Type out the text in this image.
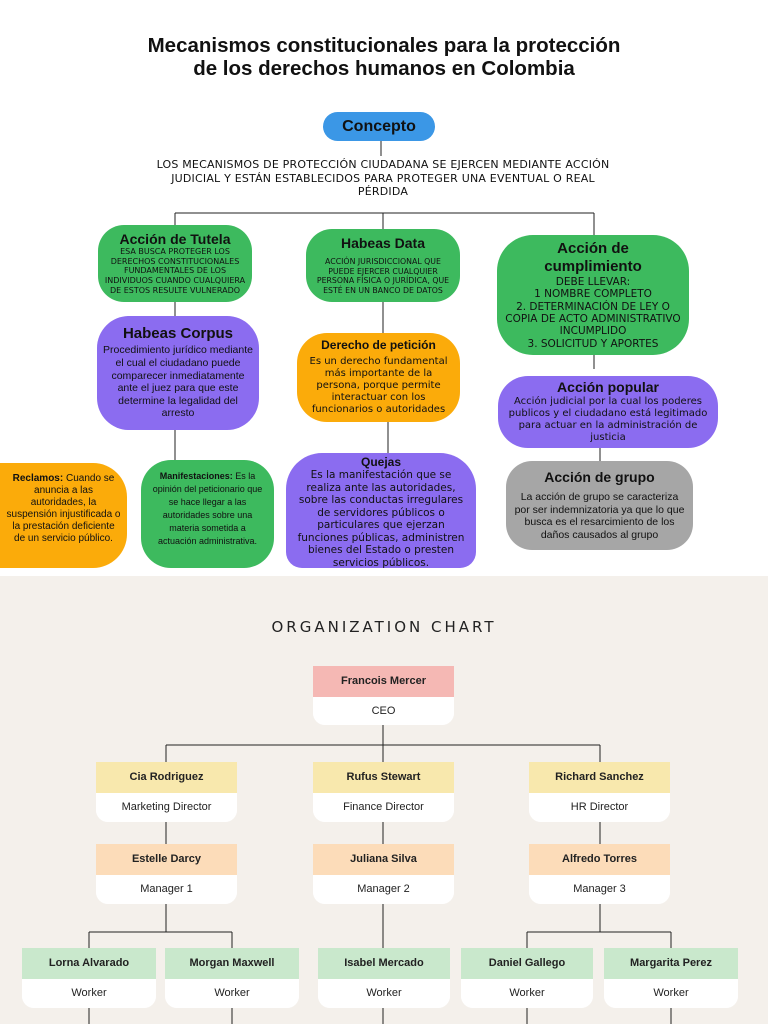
Mecanismos constitucionales para la protección de los derechos humanos en Colombia
Concepto
LOS MECANISMOS DE PROTECCIÓN CIUDADANA SE EJERCEN MEDIANTE ACCIÓN JUDICIAL Y ESTÁN ESTABLECIDOS PARA PROTEGER UNA EVENTUAL O REAL PÉRDIDA
Acción de Tutela
ESA BUSCA PROTEGER LOS DERECHOS CONSTITUCIONALES FUNDAMENTALES DE LOS INDIVIDUOS CUANDO CUALQUIERA DE ESTOS RESULTE VULNERADO
Habeas Data
ACCIÓN JURISDICCIONAL QUE PUEDE EJERCER CUALQUIER PERSONA FÍSICA O JURÍDICA, QUE ESTÉ EN UN BANCO DE DATOS
Acción de cumplimiento
DEBE LLEVAR:
1 NOMBRE COMPLETO
2. DETERMINACIÓN DE LEY O COPIA DE ACTO ADMINISTRATIVO INCUMPLIDO
3. SOLICITUD Y APORTES
Habeas Corpus
Procedimiento jurídico mediante el cual el ciudadano puede comparecer inmediatamente ante el juez para que este determine la legalidad del arresto
Derecho de petición
Es un derecho fundamental más importante de la persona, porque permite interactuar con los funcionarios o autoridades
Acción popular
Acción judicial por la cual los poderes publicos y el ciudadano está legitimado para actuar en la administración de justicia
Reclamos: Cuando se anuncia a las autoridades, la suspensión injustificada o la prestación deficiente de un servicio público.
Manifestaciones: Es la opinión del peticionario que se hace llegar a las autoridades sobre una materia sometida a actuación administrativa.
Quejas
Es la manifestación que se realiza ante las autoridades, sobre las conductas irregulares de servidores públicos o particulares que ejerzan funciones públicas, administren bienes del Estado o presten servicios públicos.
Acción de grupo
La acción de grupo se caracteriza por ser indemnizatoria ya que lo que busca es el resarcimiento de los daños causados al grupo
ORGANIZATION CHART
Francois Mercer
CEO
Cia Rodriguez
Marketing Director
Rufus Stewart
Finance Director
Richard Sanchez
HR Director
Estelle Darcy
Manager 1
Juliana Silva
Manager 2
Alfredo Torres
Manager 3
Lorna Alvarado
Worker
Morgan Maxwell
Worker
Isabel Mercado
Worker
Daniel Gallego
Worker
Margarita Perez
Worker
